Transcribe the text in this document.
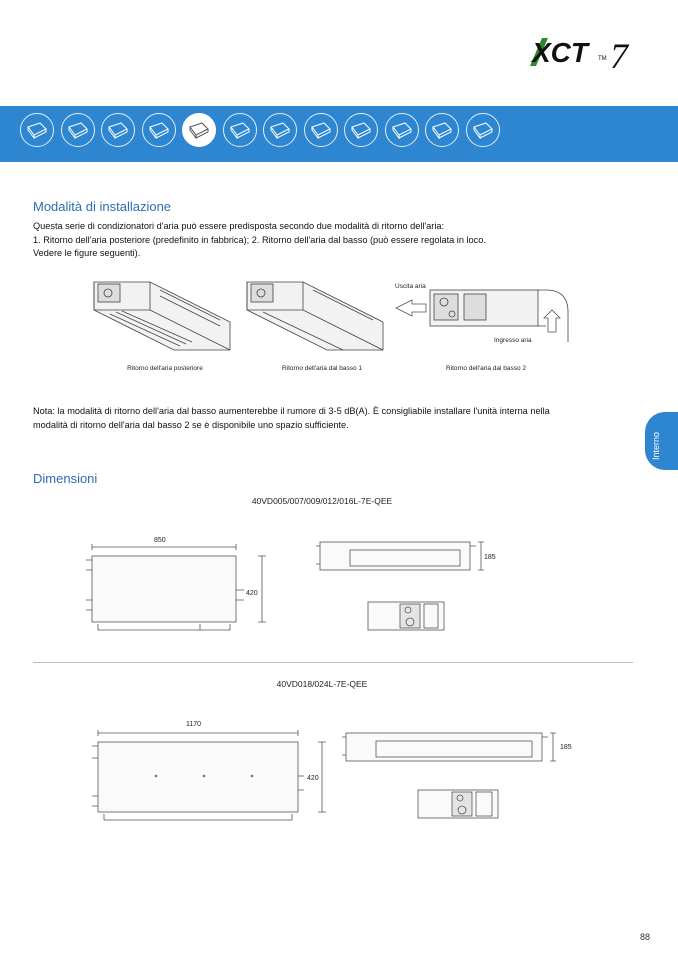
XCT	TM 7
Modalità di installazione

Questa serie di condizionatori d'aria può essere predisposta secondo due modalità di ritorno dell'aria:
1. Ritorno dell'aria posteriore (predefinito in fabbrica); 2. Ritorno dell'aria dal basso (può essere regolata in loco.
Vedere le figure seguenti).

Uscita aria
Ingresso aria
Ritorno dell'aria posteriore	Ritorno dell'aria dal basso 1	Ritorno dell'aria dal basso 2

Nota: la modalità di ritorno dell'aria dal basso aumenterebbe il rumore di 3-5 dB(A). È consigliabile installare l'unità interna nella
modalità di ritorno dell'aria dal basso 2 se è disponibile uno spazio sufficiente.

Interno
Dimensioni
40VD005/007/009/012/016L-7E-QEE
850
420
185
40VD018/024L-7E-QEE
1170
420
185
88
